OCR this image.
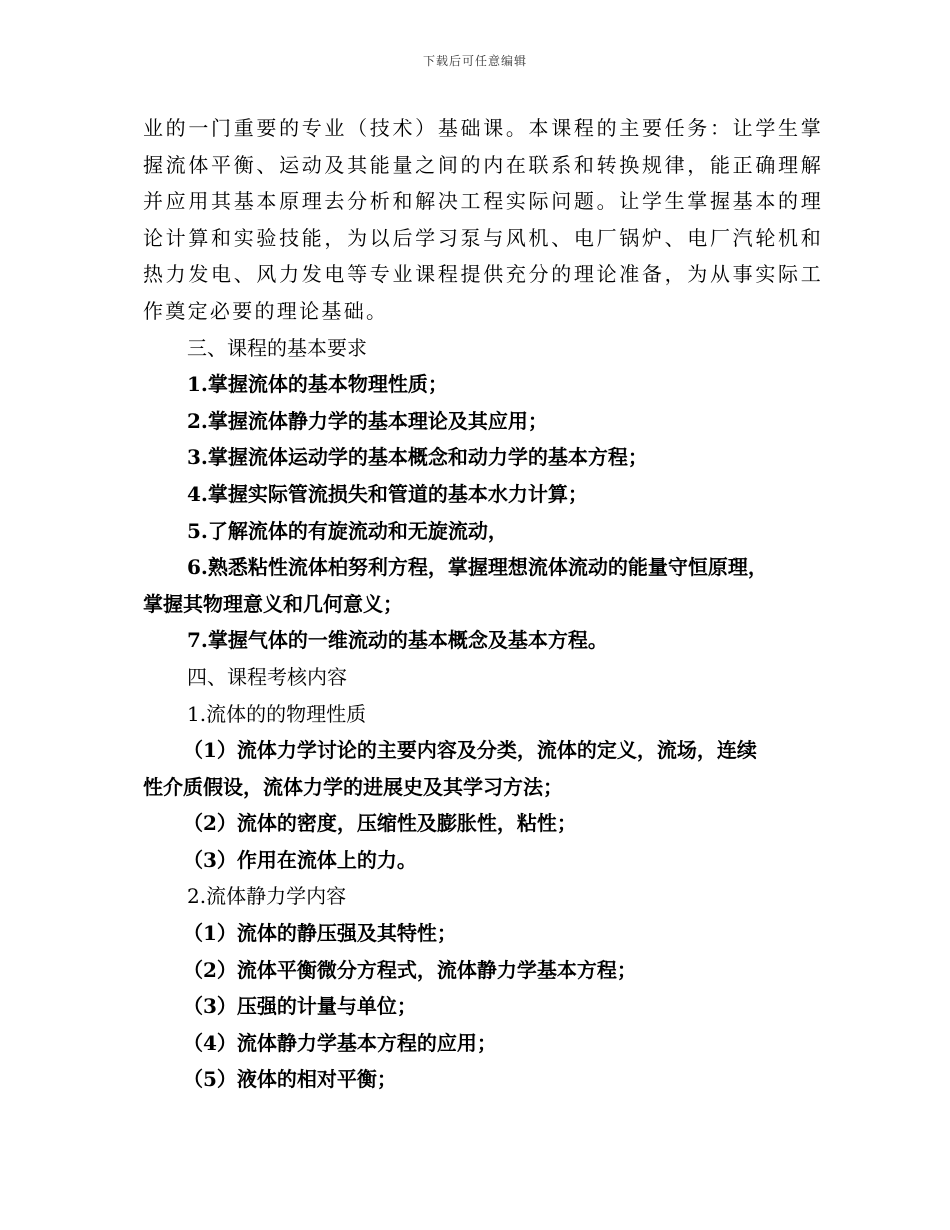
下载后可任意编辑
业的一门重要的专业（技术）基础课。本课程的主要任务：让学生掌
握流体平衡、运动及其能量之间的内在联系和转换规律，能正确理解
并应用其基本原理去分析和解决工程实际问题。让学生掌握基本的理
论计算和实验技能，为以后学习泵与风机、电厂锅炉、电厂汽轮机和
热力发电、风力发电等专业课程提供充分的理论准备，为从事实际工
作奠定必要的理论基础。
三、课程的基本要求
1.掌握流体的基本物理性质；
2.掌握流体静力学的基本理论及其应用；
3.掌握流体运动学的基本概念和动力学的基本方程；
4.掌握实际管流损失和管道的基本水力计算；
5.了解流体的有旋流动和无旋流动，
6.熟悉粘性流体柏努利方程，掌握理想流体流动的能量守恒原理，
掌握其物理意义和几何意义；
7.掌握气体的一维流动的基本概念及基本方程。
四、课程考核内容
1.流体的的物理性质
（1）流体力学讨论的主要内容及分类，流体的定义，流场，连续
性介质假设，流体力学的进展史及其学习方法；
（2）流体的密度，压缩性及膨胀性，粘性；
（3）作用在流体上的力。
2.流体静力学内容
（1）流体的静压强及其特性；
（2）流体平衡微分方程式，流体静力学基本方程；
（3）压强的计量与单位；
（4）流体静力学基本方程的应用；
（5）液体的相对平衡；
